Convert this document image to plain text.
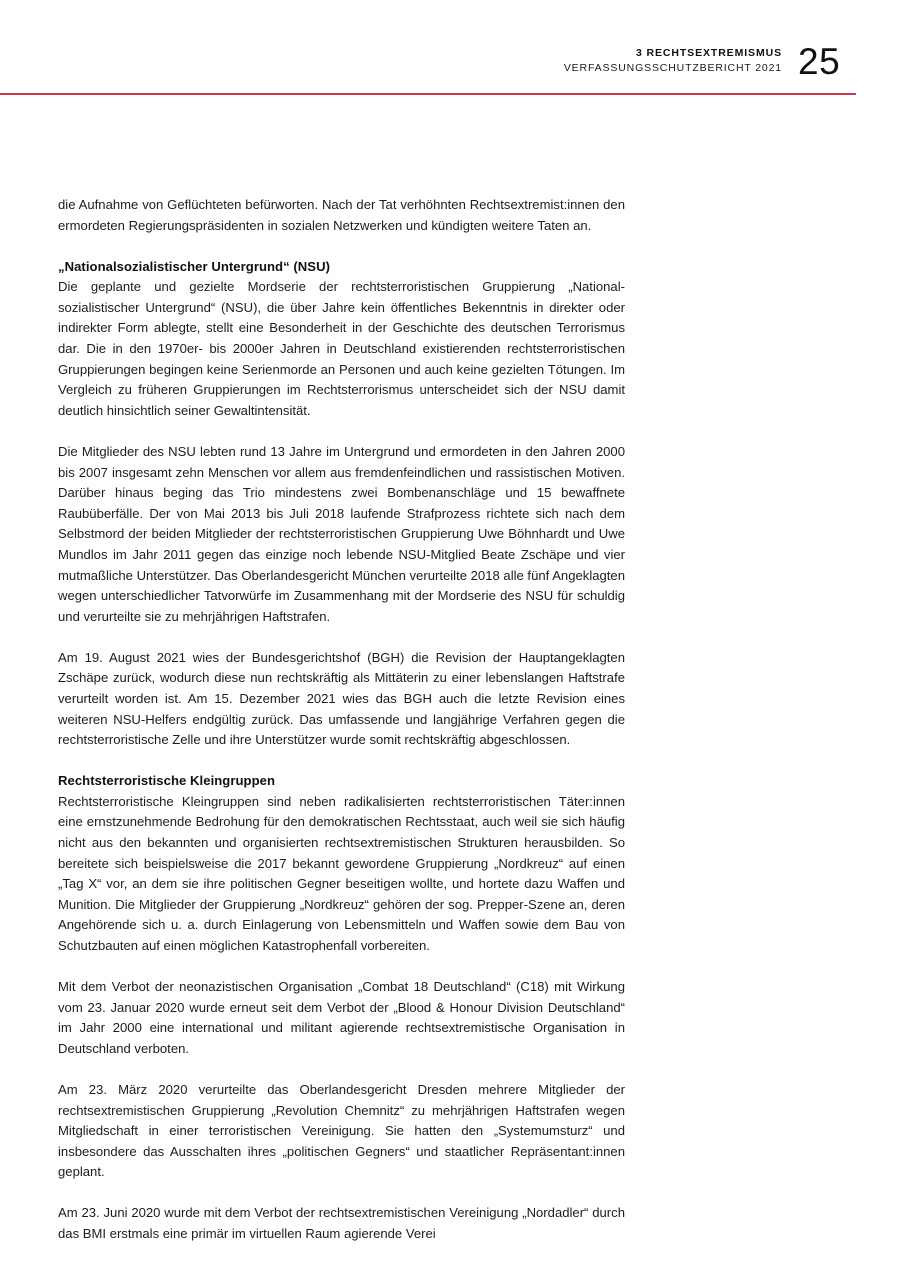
3 RECHTSEXTREMISMUS
VERFASSUNGSSCHUTZBERICHT 2021 25

die Aufnahme von Geflüchteten befürworten. Nach der Tat verhöhnten Rechtsextremist:innen den ermordeten Regierungspräsidenten in sozialen Netzwerken und kündigten weitere Taten an.

„Nationalsozialistischer Untergrund“ (NSU)

Die geplante und gezielte Mordserie der rechtsterroristischen Gruppierung „Nationalsozialistischer Untergrund“ (NSU), die über Jahre kein öffentliches Bekenntnis in direkter oder indirekter Form ablegte, stellt eine Besonderheit in der Geschichte des deutschen Terrorismus dar. Die in den 1970er- bis 2000er Jahren in Deutschland existierenden rechtsterroristischen Gruppierungen begingen keine Serienmorde an Personen und auch keine gezielten Tötungen. Im Vergleich zu früheren Gruppierungen im Rechtsterrorismus unterscheidet sich der NSU damit deutlich hinsichtlich seiner Gewaltintensität.

Die Mitglieder des NSU lebten rund 13 Jahre im Untergrund und ermordeten in den Jahren 2000 bis 2007 insgesamt zehn Menschen vor allem aus fremdenfeindlichen und rassistischen Motiven. Darüber hinaus beging das Trio mindestens zwei Bombenanschläge und 15 bewaffnete Raubüberfälle. Der von Mai 2013 bis Juli 2018 laufende Strafprozess richtete sich nach dem Selbstmord der beiden Mitglieder der rechtsterroristischen Gruppierung Uwe Böhnhardt und Uwe Mundlos im Jahr 2011 gegen das einzige noch lebende NSU-Mitglied Beate Zschäpe und vier mutmaßliche Unterstützer. Das Oberlandesgericht München verurteilte 2018 alle fünf Angeklagten wegen unterschiedlicher Tatvorwürfe im Zusammenhang mit der Mordserie des NSU für schuldig und verurteilte sie zu mehrjährigen Haftstrafen.

Am 19. August 2021 wies der Bundesgerichtshof (BGH) die Revision der Hauptangeklagten Zschäpe zurück, wodurch diese nun rechtskräftig als Mittäterin zu einer lebenslangen Haftstrafe verurteilt worden ist. Am 15. Dezember 2021 wies das BGH auch die letzte Revision eines weiteren NSU-Helfers endgültig zurück. Das umfassende und langjährige Verfahren gegen die rechtsterroristische Zelle und ihre Unterstützer wurde somit rechtskräftig abgeschlossen.

Rechtsterroristische Kleingruppen

Rechtsterroristische Kleingruppen sind neben radikalisierten rechtsterroristischen Täter:innen eine ernstzunehmende Bedrohung für den demokratischen Rechtsstaat, auch weil sie sich häufig nicht aus den bekannten und organisierten rechtsextremistischen Strukturen herausbilden. So bereitete sich beispielsweise die 2017 bekannt gewordene Gruppierung „Nordkreuz“ auf einen „Tag X“ vor, an dem sie ihre politischen Gegner beseitigen wollte, und hortete dazu Waffen und Munition. Die Mitglieder der Gruppierung „Nordkreuz“ gehören der sog. Prepper-Szene an, deren Angehörende sich u. a. durch Einlagerung von Lebensmitteln und Waffen sowie dem Bau von Schutzbauten auf einen möglichen Katastrophenfall vorbereiten.

Mit dem Verbot der neonazistischen Organisation „Combat 18 Deutschland“ (C18) mit Wirkung vom 23. Januar 2020 wurde erneut seit dem Verbot der „Blood & Honour Division Deutschland“ im Jahr 2000 eine international und militant agierende rechtsextremistische Organisation in Deutschland verboten.

Am 23. März 2020 verurteilte das Oberlandesgericht Dresden mehrere Mitglieder der rechtsextremistischen Gruppierung „Revolution Chemnitz“ zu mehrjährigen Haftstrafen wegen Mitgliedschaft in einer terroristischen Vereinigung. Sie hatten den „Systemumsturz“ und insbesondere das Ausschalten ihres „politischen Gegners“ und staatlicher Repräsentant:innen geplant.

Am 23. Juni 2020 wurde mit dem Verbot der rechtsextremistischen Vereinigung „Nordadler“ durch das BMI erstmals eine primär im virtuellen Raum agierende Verei
